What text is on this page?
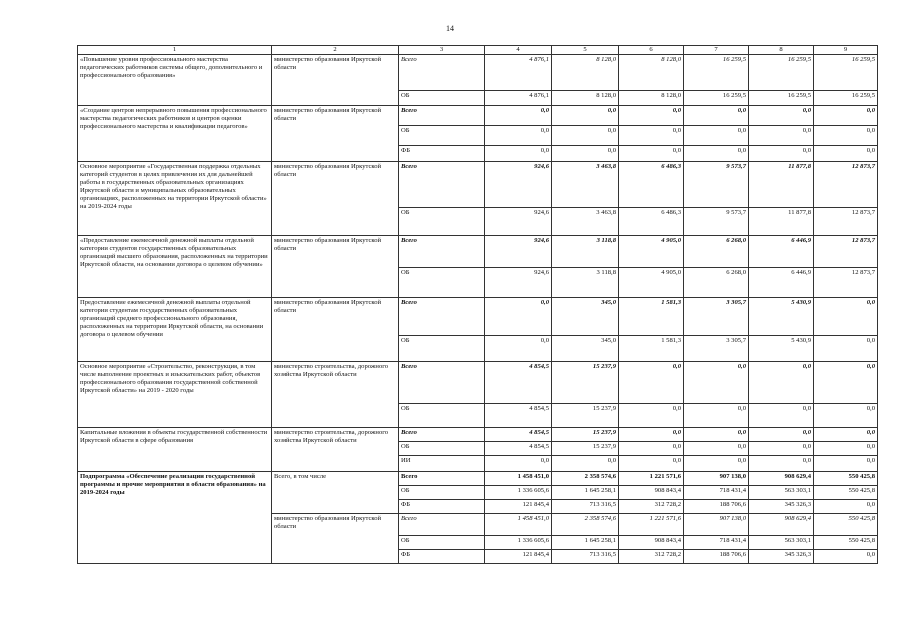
14
1	2	3	4	5	6	7	8	9
«Повышение уровня профессионального мастерства педагогических работников системы общего, дополнительного и профессионального образования»	министерство образования Иркутской области	Всего	4 876,1	8 128,0	8 128,0	16 259,5	16 259,5	16 259,5
		ОБ	4 876,1	8 128,0	8 128,0	16 259,5	16 259,5	16 259,5
«Создание центров непрерывного повышения профессионального мастерства педагогических работников и центров оценки профессионального мастерства и квалификации педагогов»	министерство образования Иркутской области	Всего	0,0	0,0	0,0	0,0	0,0	0,0
		ОБ	0,0	0,0	0,0	0,0	0,0	0,0
		ФБ	0,0	0,0	0,0	0,0	0,0	0,0
Основное мероприятие «Государственная поддержка отдельных категорий студентов в целях привлечения их для дальнейшей работы в государственных образовательных организациях Иркутской области и муниципальных образовательных организациях, расположенных на территории Иркутской области» на 2019-2024 годы	министерство образования Иркутской области	Всего	924,6	3 463,8	6 486,3	9 573,7	11 877,8	12 873,7
		ОБ	924,6	3 463,8	6 486,3	9 573,7	11 877,8	12 873,7
«Предоставление ежемесячной денежной выплаты отдельной категории студентов государственных образовательных организаций высшего образования, расположенных на территории Иркутской области, на основании договора о целевом обучении»	министерство образования Иркутской области	Всего	924,6	3 118,8	4 905,0	6 268,0	6 446,9	12 873,7
		ОБ	924,6	3 118,8	4 905,0	6 268,0	6 446,9	12 873,7
Предоставление ежемесячной денежной выплаты отдельной категории студентам государственных образовательных организаций среднего профессионального образования, расположенных на территории Иркутской области, на основании договора о целевом обучении	министерство образования Иркутской области	Всего	0,0	345,0	1 581,3	3 305,7	5 430,9	0,0
		ОБ	0,0	345,0	1 581,3	3 305,7	5 430,9	0,0
Основное мероприятие «Строительство, реконструкция, в том числе выполнение проектных и изыскательских работ, объектов профессионального образования государственной собственной Иркутской области» на 2019 - 2020 годы	министерство строительства, дорожного хозяйства Иркутской области	Всего	4 854,5	15 237,9	0,0	0,0	0,0	0,0
		ОБ	4 854,5	15 237,9	0,0	0,0	0,0	0,0
Капитальные вложения в объекты государственной собственности Иркутской области в сфере образования	министерство строительства, дорожного хозяйства Иркутской области	Всего	4 854,5	15 237,9	0,0	0,0	0,0	0,0
		ОБ	4 854,5	15 237,9	0,0	0,0	0,0	0,0
		ИИ	0,0	0,0	0,0	0,0	0,0	0,0
Подпрограмма «Обеспечение реализации государственной программы и прочие мероприятия в области образования» на 2019-2024 годы	Всего, в том числе	Всего	1 458 451,0	2 358 574,6	1 221 571,6	907 138,0	908 629,4	550 425,8
		ОБ	1 336 605,6	1 645 258,1	908 843,4	718 431,4	563 303,1	550 425,8
		ФБ	121 845,4	713 316,5	312 728,2	188 706,6	345 326,3	0,0
	министерство образования Иркутской области	Всего	1 458 451,0	2 358 574,6	1 221 571,6	907 138,0	908 629,4	550 425,8
		ОБ	1 336 605,6	1 645 258,1	908 843,4	718 431,4	563 303,1	550 425,8
		ФБ	121 845,4	713 316,5	312 728,2	188 706,6	345 326,3	0,0
